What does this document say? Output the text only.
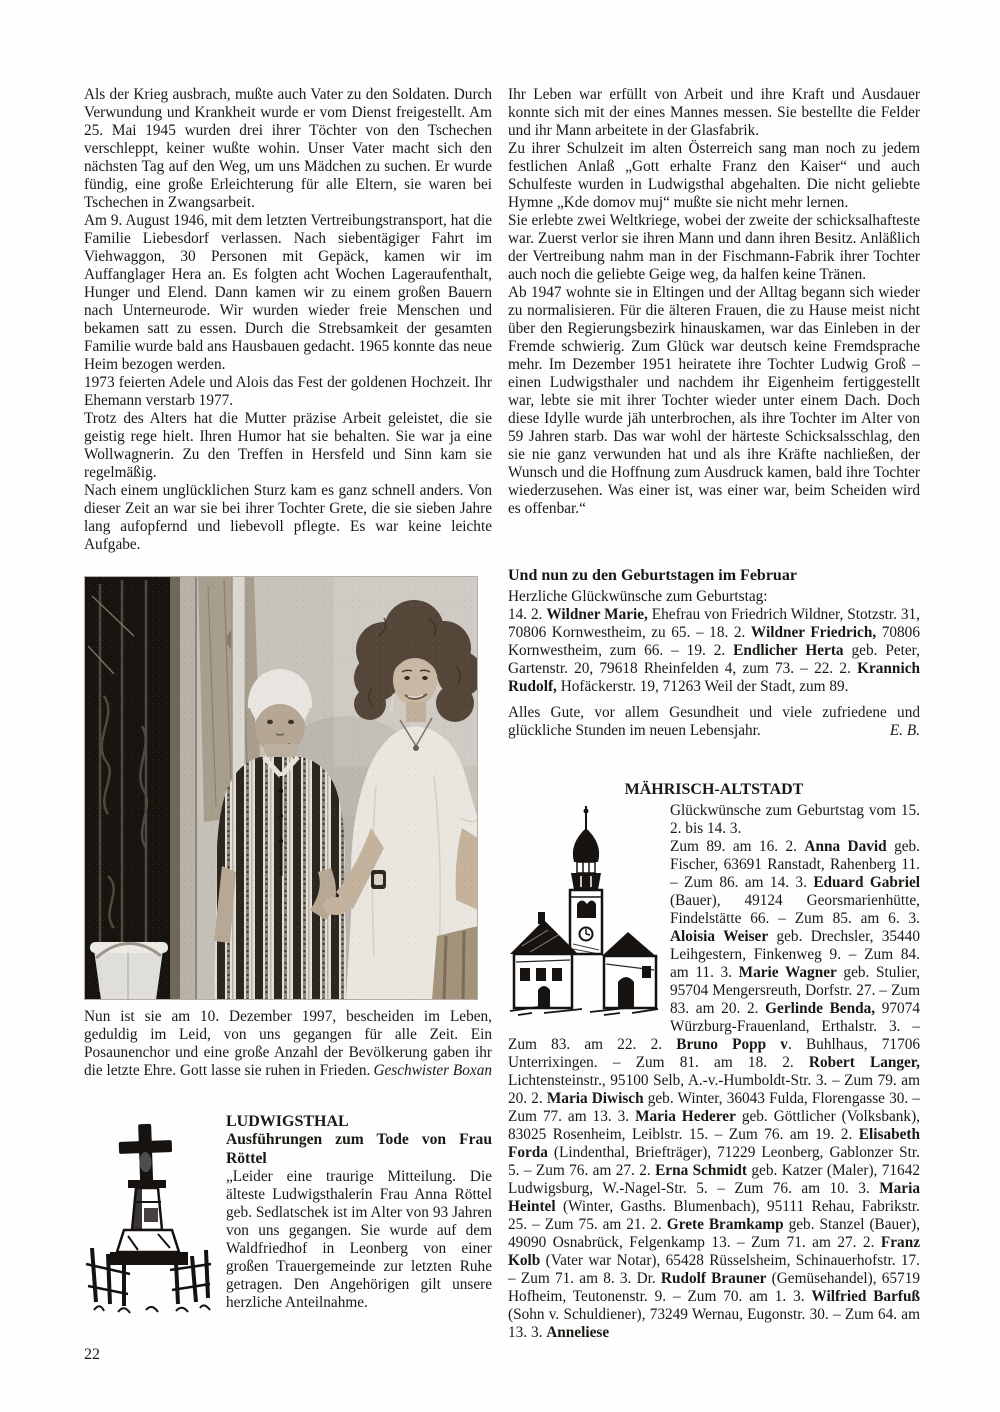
Als der Krieg ausbrach, mußte auch Vater zu den Soldaten. Durch Verwundung und Krankheit wurde er vom Dienst freigestellt. Am 25. Mai 1945 wurden drei ihrer Töchter von den Tschechen verschleppt, keiner wußte wohin. Unser Vater macht sich den nächsten Tag auf den Weg, um uns Mädchen zu suchen. Er wurde fündig, eine große Erleichterung für alle Eltern, sie waren bei Tschechen in Zwangsarbeit.

Am 9. August 1946, mit dem letzten Vertreibungstransport, hat die Familie Liebesdorf verlassen. Nach siebentägiger Fahrt im Viehwaggon, 30 Personen mit Gepäck, kamen wir im Auffanglager Hera an. Es folgten acht Wochen Lageraufenthalt, Hunger und Elend. Dann kamen wir zu einem großen Bauern nach Unterneurode. Wir wurden wieder freie Menschen und bekamen satt zu essen. Durch die Strebsamkeit der gesamten Familie wurde bald ans Hausbauen gedacht. 1965 konnte das neue Heim bezogen werden.

1973 feierten Adele und Alois das Fest der goldenen Hochzeit. Ihr Ehemann verstarb 1977.

Trotz des Alters hat die Mutter präzise Arbeit geleistet, die sie geistig rege hielt. Ihren Humor hat sie behalten. Sie war ja eine Wollwagnerin. Zu den Treffen in Hersfeld und Sinn kam sie regelmäßig.

Nach einem unglücklichen Sturz kam es ganz schnell anders. Von dieser Zeit an war sie bei ihrer Tochter Grete, die sie sieben Jahre lang aufopfernd und liebevoll pflegte. Es war keine leichte Aufgabe.

Nun ist sie am 10. Dezember 1997, bescheiden im Leben, geduldig im Leid, von uns gegangen für alle Zeit. Ein Posaunenchor und eine große Anzahl der Bevölkerung gaben ihr die letzte Ehre. Gott lasse sie ruhen in Frieden. Geschwister Boxan

LUDWIGSTHAL
Ausführungen zum Tode von Frau Röttel

„Leider eine traurige Mitteilung. Die älteste Ludwigsthalerin Frau Anna Röttel geb. Sedlatschek ist im Alter von 93 Jahren von uns gegangen. Sie wurde auf dem Waldfriedhof in Leonberg von einer großen Trauergemeinde zur letzten Ruhe getragen. Den Angehörigen gilt unsere herzliche Anteilnahme.

Ihr Leben war erfüllt von Arbeit und ihre Kraft und Ausdauer konnte sich mit der eines Mannes messen. Sie bestellte die Felder und ihr Mann arbeitete in der Glasfabrik.

Zu ihrer Schulzeit im alten Österreich sang man noch zu jedem festlichen Anlaß „Gott erhalte Franz den Kaiser“ und auch Schulfeste wurden in Ludwigsthal abgehalten. Die nicht geliebte Hymne „Kde domov muj“ mußte sie nicht mehr lernen.

Sie erlebte zwei Weltkriege, wobei der zweite der schicksalhafteste war. Zuerst verlor sie ihren Mann und dann ihren Besitz. Anläßlich der Vertreibung nahm man in der Fischmann-Fabrik ihrer Tochter auch noch die geliebte Geige weg, da halfen keine Tränen.

Ab 1947 wohnte sie in Eltingen und der Alltag begann sich wieder zu normalisieren. Für die älteren Frauen, die zu Hause meist nicht über den Regierungsbezirk hinauskamen, war das Einleben in der Fremde schwierig. Zum Glück war deutsch keine Fremdsprache mehr. Im Dezember 1951 heiratete ihre Tochter Ludwig Groß – einen Ludwigsthaler und nachdem ihr Eigenheim fertiggestellt war, lebte sie mit ihrer Tochter wieder unter einem Dach. Doch diese Idylle wurde jäh unterbrochen, als ihre Tochter im Alter von 59 Jahren starb. Das war wohl der härteste Schicksalsschlag, den sie nie ganz verwunden hat und als ihre Kräfte nachließen, der Wunsch und die Hoffnung zum Ausdruck kamen, bald ihre Tochter wiederzusehen. Was einer ist, was einer war, beim Scheiden wird es offenbar.“

Und nun zu den Geburtstagen im Februar

Herzliche Glückwünsche zum Geburtstag:

14. 2. Wildner Marie, Ehefrau von Friedrich Wildner, Stotzstr. 31, 70806 Kornwestheim, zu 65. – 18. 2. Wildner Friedrich, 70806 Kornwestheim, zum 66. – 19. 2. Endlicher Herta geb. Peter, Gartenstr. 20, 79618 Rheinfelden 4, zum 73. – 22. 2. Krannich Rudolf, Hofäckerstr. 19, 71263 Weil der Stadt, zum 89.

Alles Gute, vor allem Gesundheit und viele zufriedene und glückliche Stunden im neuen Lebensjahr.	E. B.

MÄHRISCH-ALTSTADT

Glückwünsche zum Geburtstag vom 15. 2. bis 14. 3.

Zum 89. am 16. 2. Anna David geb. Fischer, 63691 Ranstadt, Rahenberg 11. – Zum 86. am 14. 3. Eduard Gabriel (Bauer), 49124 Georsmarienhütte, Findelstätte 66. – Zum 85. am 6. 3. Aloisia Weiser geb. Drechsler, 35440 Leihgestern, Finkenweg 9. – Zum 84. am 11. 3. Marie Wagner geb. Stulier, 95704 Mengersreuth, Dorfstr. 27. – Zum 83. am 20. 2. Gerlinde Benda, 97074 Würzburg-Frauenland, Erthalstr. 3. – Zum 83. am 22. 2. Bruno Popp v. Buhlhaus, 71706 Unterrixingen. – Zum 81. am 18. 2. Robert Langer, Lichtensteinstr., 95100 Selb, A.-v.-Humboldt-Str. 3. – Zum 79. am 20. 2. Maria Diwisch geb. Winter, 36043 Fulda, Florengasse 30. – Zum 77. am 13. 3. Maria Hederer geb. Göttlicher (Volksbank), 83025 Rosenheim, Leiblstr. 15. – Zum 76. am 19. 2. Elisabeth Forda (Lindenthal, Briefträger), 71229 Leonberg, Gablonzer Str. 5. – Zum 76. am 27. 2. Erna Schmidt geb. Katzer (Maler), 71642 Ludwigsburg, W.-Nagel-Str. 5. – Zum 76. am 10. 3. Maria Heintel (Winter, Gasths. Blumenbach), 95111 Rehau, Fabrikstr. 25. – Zum 75. am 21. 2. Grete Bramkamp geb. Stanzel (Bauer), 49090 Osnabrück, Felgenkamp 13. – Zum 71. am 27. 2. Franz Kolb (Vater war Notar), 65428 Rüsselsheim, Schinauerhofstr. 17. – Zum 71. am 8. 3. Dr. Rudolf Brauner (Gemüsehandel), 65719 Hofheim, Teutonenstr. 9. – Zum 70. am 1. 3. Wilfried Barfuß (Sohn v. Schuldiener), 73249 Wernau, Eugonstr. 30. – Zum 64. am 13. 3. Anneliese

22
